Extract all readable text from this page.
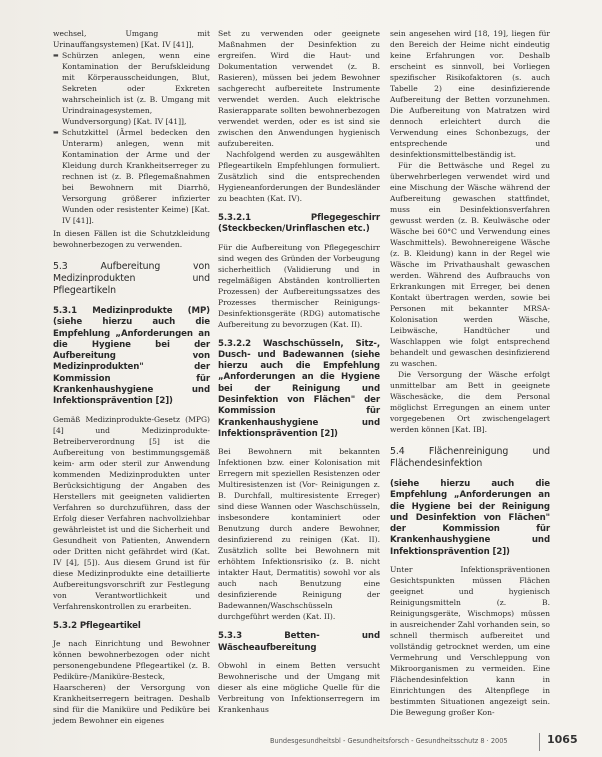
wechsel, Umgang mit Urinauffangsystemen) [Kat. IV [41]],

▬ Schürzen anlegen, wenn eine Kontamination der Berufskleidung mit Körperausscheidungen, Blut, Sekreten oder Exkreten wahrscheinlich ist (z. B. Umgang mit Urindrainagesystemen, Wundversorgung) [Kat. IV [41]],
▬ Schutzkittel (Ärmel bedecken den Unterarm) anlegen, wenn mit Kontamination der Arme und der Kleidung durch Krankheitserreger zu rechnen ist (z. B. Pflegemaßnahmen bei Bewohnern mit Diarrhö, Versorgung größerer infizierter Wunden oder resistenter Keime) [Kat. IV [41]].

In diesen Fällen ist die Schutzkleidung bewohnerbezogen zu verwenden.

5.3 Aufbereitung von Medizinprodukten und Pflegeartikeln
5.3.1 Medizinprodukte (MP) (siehe hierzu auch die Empfehlung „Anforderungen an die Hygiene bei der Aufbereitung von Medizinprodukten" der Kommission für Krankenhaushygiene und Infektionsprävention [2])

Gemäß Medizinprodukte-Gesetz (MPG) [4] und Medizinprodukte-Betreiberverordnung [5] ist die Aufbereitung von bestimmungsgemäß keim- arm oder steril zur Anwendung kommenden Medizinprodukten unter Berücksichtigung der Angaben des Herstellers mit geeigneten validierten Verfahren so durchzuführen, dass der Erfolg dieser Verfahren nachvollziehbar gewährleistet ist und die Sicherheit und Gesundheit von Patienten, Anwendern oder Dritten nicht gefährdet wird (Kat. IV [4], [5]). Aus diesem Grund ist für diese Medizinprodukte eine detaillierte Aufbereitungsvorschrift zur Festlegung von Verantwortlichkeit und Verfahrenskontrollen zu erarbeiten.

5.3.2 Pflegeartikel

Je nach Einrichtung und Bewohner können bewohnerbezogen oder nicht personengebundene Pflegeartikel (z. B. Pediküre-/Maniküre-Besteck, Haarscheren) der Versorgung von Krankheitserregern beitragen. Deshalb sind für die Maniküre und Pediküre bei jedem Bewohner ein eigenes

Set zu verwenden oder geeignete Maßnahmen der Desinfektion zu ergreifen. Wird die Haut- und Dokumentation verwendet (z. B. Rasieren), müssen bei jedem Bewohner sachgerecht aufbereitete Instrumente verwendet werden. Auch elektrische Rasierapparate sollten bewohnerbezogen verwendet werden, oder es ist sind sie zwischen den Anwendungen hygienisch aufzubereiten.

Nachfolgend werden zu ausgewählten Pflegeartikeln Empfehlungen formuliert. Zusätzlich sind die entsprechenden Hygieneanforderungen der Bundesländer zu beachten (Kat. IV).

5.3.2.1 Pflegegeschirr (Steckbecken/Urinflaschen etc.)

Für die Aufbereitung von Pflegegeschirr sind wegen des Gründen der Vorbeugung sicherheitlich (Validierung und in regelmäßigen Abständen kontrollierten Prozessen) der Aufbereitungssatzes des Prozesses thermischer Reinigungs-Desinfektionsgeräte (RDG) automatische Aufbereitung zu bevorzugen (Kat. II).

5.3.2.2 Waschschüsseln, Sitz-, Dusch- und Badewannen (siehe hierzu auch die Empfehlung „Anforderungen an die Hygiene bei der Reinigung und Desinfektion von Flächen" der Kommission für Krankenhaushygiene und Infektionsprävention [2])

Bei Bewohnern mit bekannten Infektionen bzw. einer Kolonisation mit Erregern mit speziellen Resistenzen oder Multiresistenzen ist (Vor- Reinigungen z. B. Durchfall, multiresistente Erreger) sind diese Wannen oder Waschschüsseln, insbesondere kontaminiert oder Benutzung durch andere Bewohner, desinfizierend zu reinigen (Kat. II). Zusätzlich sollte bei Bewohnern mit erhöhtem Infektionsrisiko (z. B. nicht intakter Haut, Dermatitis) sowohl vor als auch nach Benutzung eine desinfizierende Reinigung der Badewannen/Waschschüsseln durchgeführt werden (Kat. II).

5.3.3 Betten- und Wäscheaufbereitung

Obwohl in einem Betten versucht Bewohnerische und der Umgang mit dieser als eine mögliche Quelle für die Verbreitung von Infektionserregern im Krankenhaus

sein angesehen wird [18, 19], liegen für den Bereich der Heime nicht eindeutig keine Erfahrungen vor. Deshalb erscheint es sinnvoll, bei Vorliegen spezifischer Risikofaktoren (s. auch Tabelle 2) eine desinfizierende Aufbereitung der Betten vorzunehmen. Die Aufbereitung von Matratzen wird dennoch erleichtert durch die Verwendung eines Schonbezugs, der entsprechende und desinfektionsmittelbeständig ist.

Für die Bettwäsche und Regel zu überwehrberlegen verwendet wird und eine Mischung der Wäsche während der Aufbereitung gewaschen stattfindet, muss ein Desinfektionsverfahren gewusst werden (z. B. Keulwäsche oder Wäsche bei 60°C und Verwendung eines Waschmittels). Bewohnereigene Wäsche (z. B. Kleidung) kann in der Regel wie Wäsche im Privathaushalt gewaschen werden. Während des Aufbrauchs von Erkrankungen mit Erreger, bei denen Kontakt übertragen werden, sowie bei Personen mit bekannter MRSA-Kolonisation werden Wäsche, Leibwäsche, Handtücher und Waschlappen wie folgt entsprechend behandelt und gewaschen desinfizierend zu waschen.

Die Versorgung der Wäsche erfolgt unmittelbar am Bett in geeignete Wäschesäcke, die dem Personal möglichst Erregungen an einem unter vorgegebenen Ort zwischengelagert werden können [Kat. IB].

5.4 Flächenreinigung und Flächendesinfektion
(siehe hierzu auch die Empfehlung „Anforderungen an die Hygiene bei der Reinigung und Desinfektion von Flächen" der Kommission für Krankenhaushygiene und Infektionsprävention [2])

Unter Infektionspräventionen Gesichtspunkten müssen Flächen geeignet und hygienisch Reinigungsmitteln (z. B. Reinigungsgeräte, Wischmops) müssen in ausreichender Zahl vorhanden sein, so schnell thermisch aufbereitet und vollständig getrocknet werden, um eine Vermehrung und Verschleppung von Mikroorganismen zu vermeiden. Eine Flächendesinfektion kann in Einrichtungen des Altenpflege in bestimmten Situationen angezeigt sein. Die Bewegung großer Kon-

Bundesgesundheitsbl - Gesundheitsforsch - Gesundheitsschutz 8 · 2005	1065
